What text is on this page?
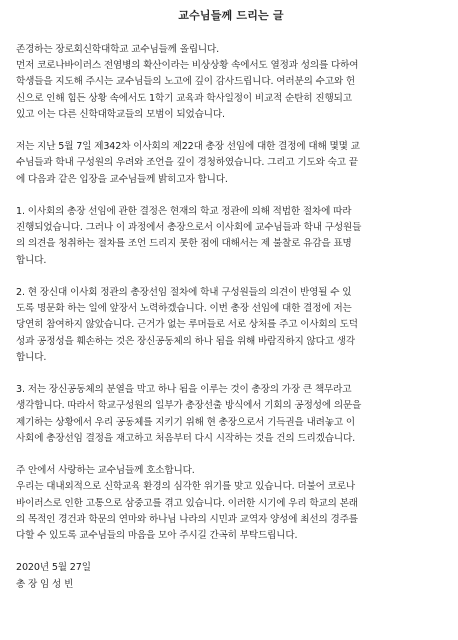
교수님들께 드리는 글
존경하는 장로회신학대학교 교수님들께 올립니다.
먼저 코로나바이러스 전염병의 확산이라는 비상상황 속에서도 열정과 성의를 다하여
학생들을 지도해 주시는 교수님들의 노고에 깊이 감사드립니다. 여러분의 수고와 헌
신으로 인해 힘든 상황 속에서도 1학기 교육과 학사일정이 비교적 순탄히 진행되고
있고 이는 다른 신학대학교들의 모범이 되었습니다.
저는 지난 5월 7일 제342차 이사회의 제22대 총장 선임에 대한 결정에 대해 몇몇 교
수님들과 학내 구성원의 우려와 조언을 깊이 경청하였습니다. 그리고 기도와 숙고 끝
에 다음과 같은 입장을 교수님들께 밝히고자 합니다.
1. 이사회의 총장 선임에 관한 결정은 현재의 학교 정관에 의해 적법한 절차에 따라
진행되었습니다. 그러나 이 과정에서 총장으로서 이사회에 교수님들과 학내 구성원들
의 의견을 청취하는 절차를 조언 드리지 못한 점에 대해서는 제 불찰로 유감을 표명
합니다.
2. 현 장신대 이사회 정관의 총장선임 절차에 학내 구성원들의 의견이 반영될 수 있
도록 명문화 하는 일에 앞장서 노력하겠습니다. 이번 총장 선임에 대한 결정에 저는
당연히 참여하지 않았습니다. 근거가 없는 루머들로 서로 상처를 주고 이사회의 도덕
성과 공정성을 훼손하는 것은 장신공동체의 하나 됨을 위해 바람직하지 않다고 생각
합니다.
3. 저는 장신공동체의 분열을 막고 하나 됨을 이루는 것이 총장의 가장 큰 책무라고
생각합니다. 따라서 학교구성원의 일부가 총장선출 방식에서 기회의 공정성에 의문을
제기하는 상황에서 우리 공동체를 지키기 위해 현 총장으로서 기득권을 내려놓고 이
사회에 총장선임 결정을 재고하고 처음부터 다시 시작하는 것을 건의 드리겠습니다.
주 안에서 사랑하는 교수님들께 호소합니다.
우리는 대내외적으로 신학교육 환경의 심각한 위기를 맞고 있습니다. 더불어 코로나
바이러스로 인한 고통으로 삼중고를 겪고 있습니다. 이러한 시기에 우리 학교의 본래
의 목적인 경건과 학문의 연마와 하나님 나라의 시민과 교역자 양성에 최선의 경주를
다할 수 있도록 교수님들의 마음을 모아 주시길 간곡히 부탁드립니다.
2020년 5월 27일
총 장 임 성 빈
